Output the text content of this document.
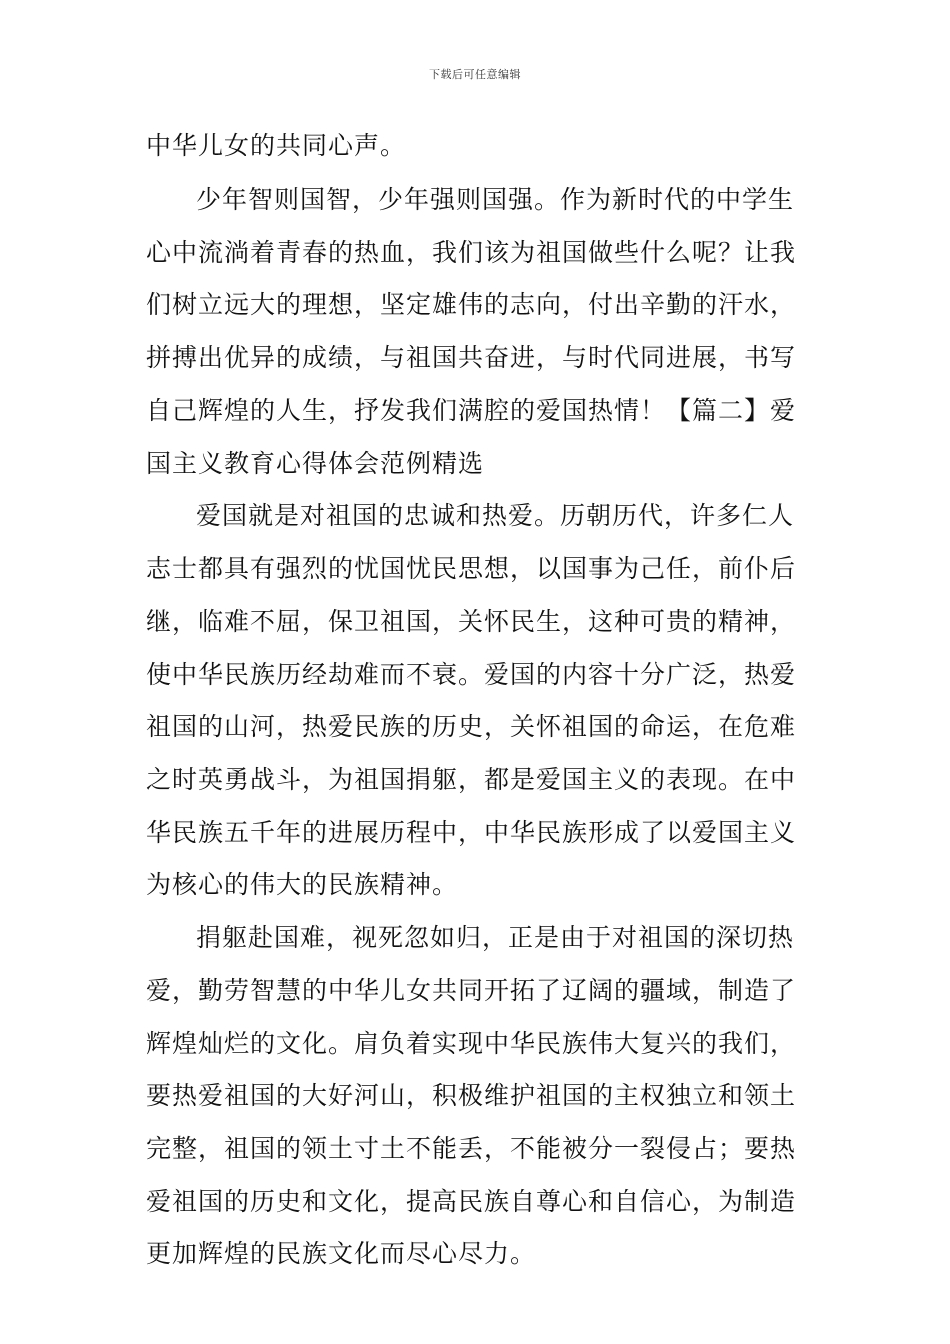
下载后可任意编辑
中华儿女的共同心声。
少年智则国智，少年强则国强。作为新时代的中学生
心中流淌着青春的热血，我们该为祖国做些什么呢？让我
们树立远大的理想，坚定雄伟的志向，付出辛勤的汗水，
拼搏出优异的成绩，与祖国共奋进，与时代同进展，书写
自己辉煌的人生，抒发我们满腔的爱国热情！【篇二】爱
国主义教育心得体会范例精选
爱国就是对祖国的忠诚和热爱。历朝历代，许多仁人
志士都具有强烈的忧国忧民思想，以国事为己任，前仆后
继，临难不屈，保卫祖国，关怀民生，这种可贵的精神，
使中华民族历经劫难而不衰。爱国的内容十分广泛，热爱
祖国的山河，热爱民族的历史，关怀祖国的命运，在危难
之时英勇战斗，为祖国捐躯，都是爱国主义的表现。在中
华民族五千年的进展历程中，中华民族形成了以爱国主义
为核心的伟大的民族精神。
捐躯赴国难，视死忽如归，正是由于对祖国的深切热
爱，勤劳智慧的中华儿女共同开拓了辽阔的疆域，制造了
辉煌灿烂的文化。肩负着实现中华民族伟大复兴的我们，
要热爱祖国的大好河山，积极维护祖国的主权独立和领土
完整，祖国的领土寸土不能丢，不能被分一裂侵占；要热
爱祖国的历史和文化，提高民族自尊心和自信心，为制造
更加辉煌的民族文化而尽心尽力。
